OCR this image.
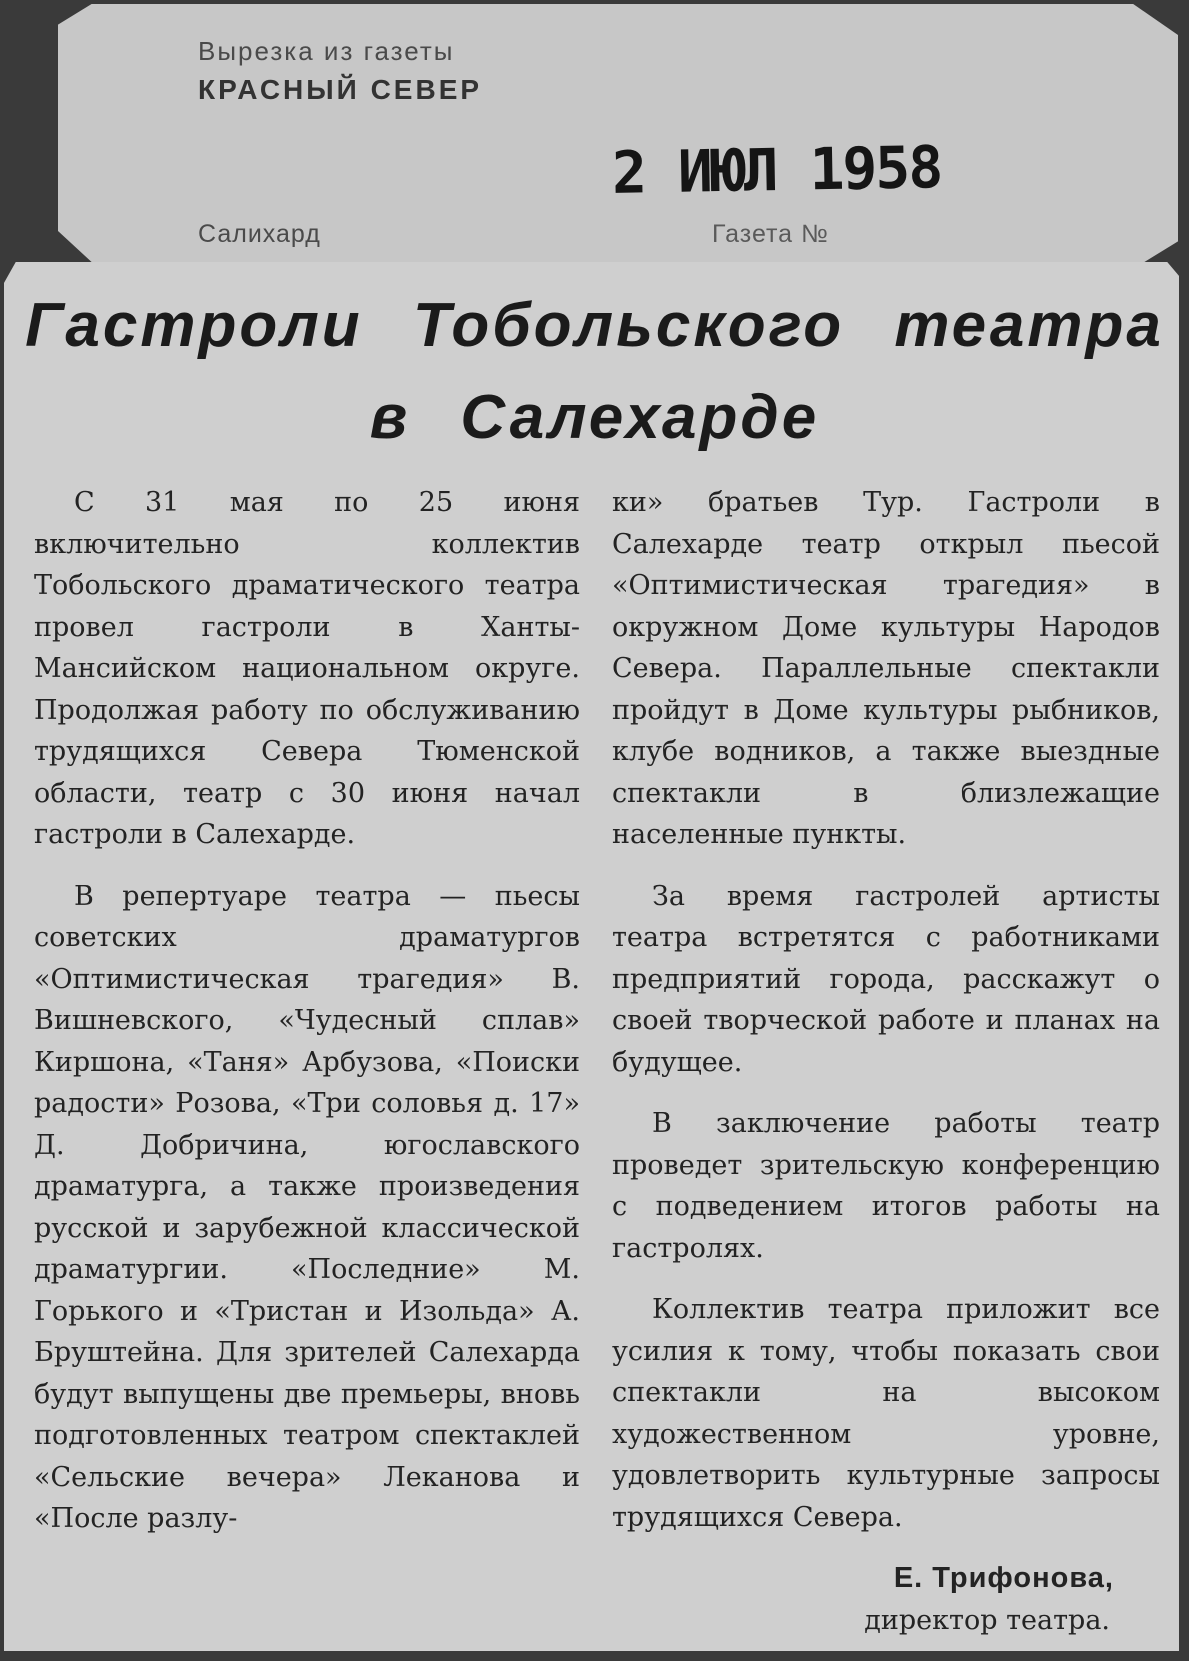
Вырезка из газеты
КРАСНЫЙ СЕВЕР
Салихард	Газета №
2 ИЮЛ 1958
Гастроли Тобольского театра
в Салехарде

С 31 мая по 25 июня включительно коллектив Тобольского драматического театра провел гастроли в Ханты-Мансийском национальном округе. Продолжая работу по обслуживанию трудящихся Севера Тюменской области, театр с 30 июня начал гастроли в Салехарде.

В репертуаре театра — пьесы советских драматургов «Оптимистическая трагедия» В. Вишневского, «Чудесный сплав» Киршона, «Таня» Арбузова, «Поиски радости» Розова, «Три соловья д. 17» Д. Добричина, югославского драматурга, а также произведения русской и зарубежной классической драматургии. «Последние» М. Горького и «Тристан и Изольда» А. Бруштейна. Для зрителей Салехарда будут выпущены две премьеры, вновь подготовленных театром спектаклей «Сельские вечера» Леканова и «После разлу-

ки» братьев Тур. Гастроли в Салехарде театр открыл пьесой «Оптимистическая трагедия» в окружном Доме культуры Народов Севера. Параллельные спектакли пройдут в Доме культуры рыбников, клубе водников, а также выездные спектакли в близлежащие населенные пункты.

За время гастролей артисты театра встретятся с работниками предприятий города, расскажут о своей творческой работе и планах на будущее.

В заключение работы театр проведет зрительскую конференцию с подведением итогов работы на гастролях.

Коллектив театра приложит все усилия к тому, чтобы показать свои спектакли на высоком художественном уровне, удовлетворить культурные запросы трудящихся Севера.

Е. Трифонова,
директор театра.
